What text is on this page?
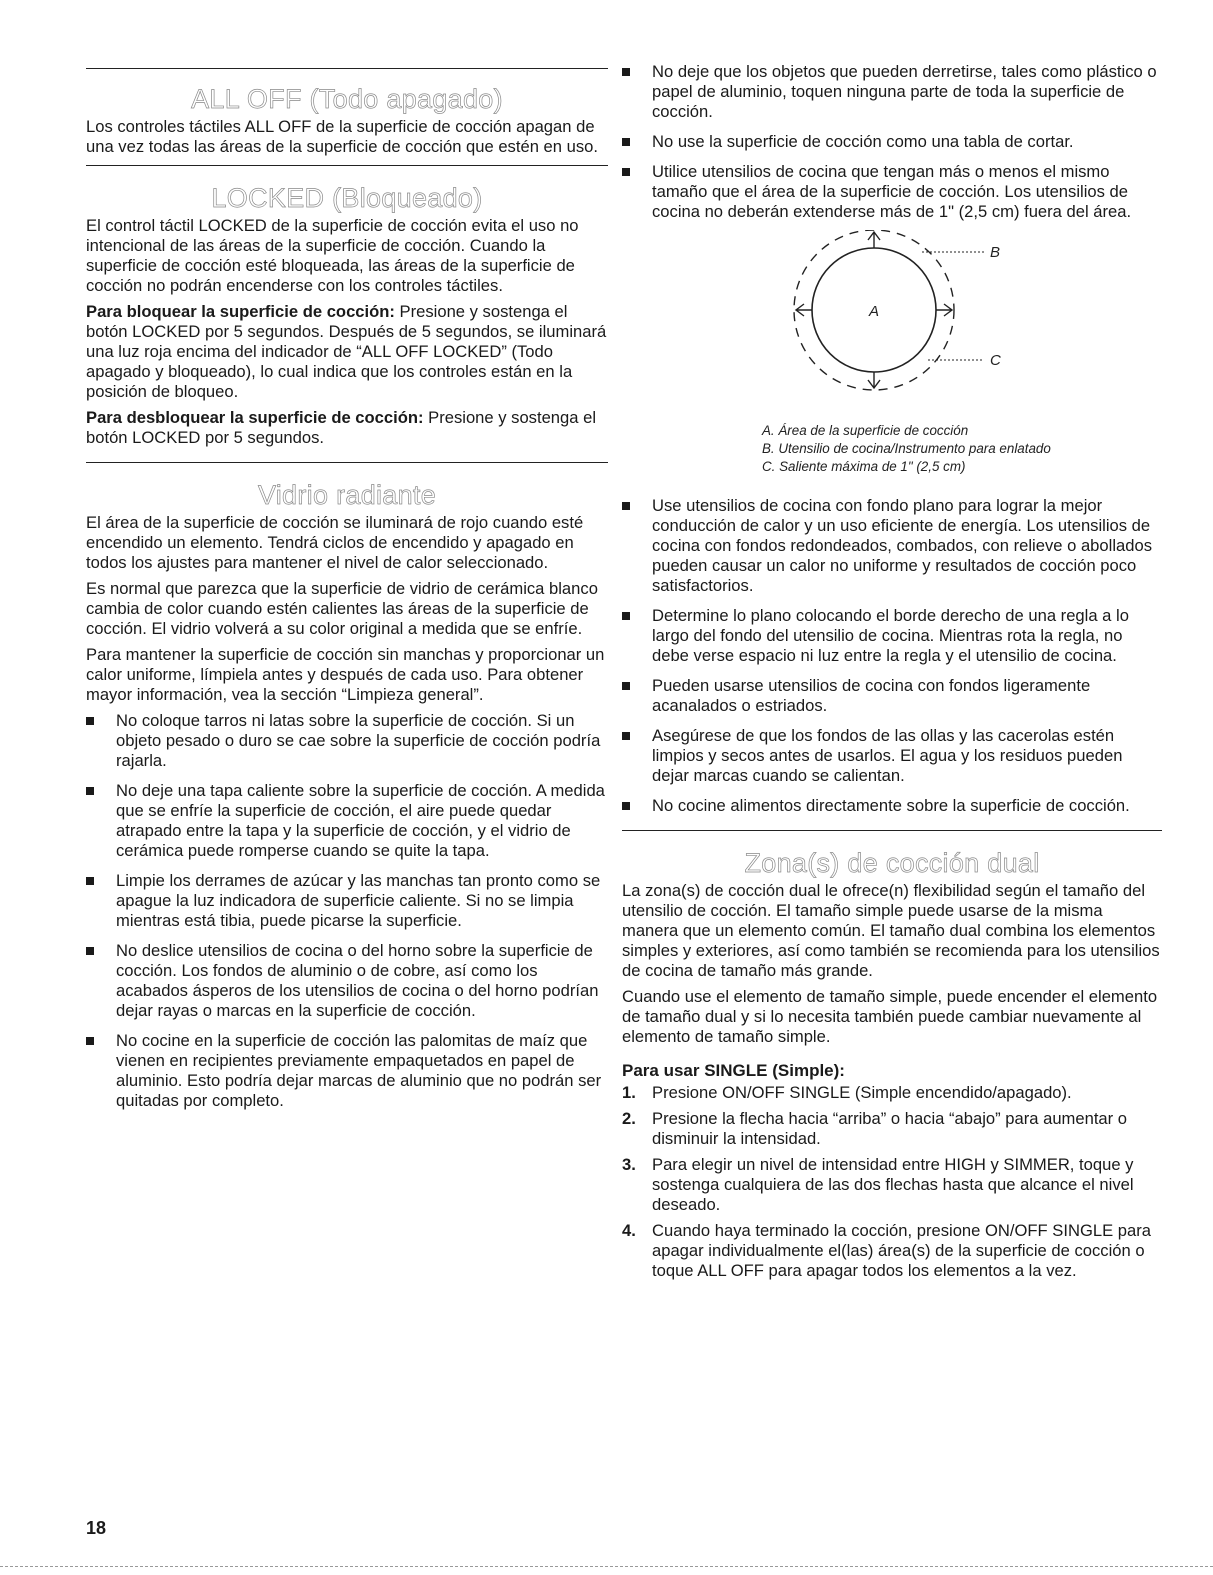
ALL OFF (Todo apagado)

Los controles táctiles ALL OFF de la superficie de cocción apagan de una vez todas las áreas de la superficie de cocción que estén en uso.

LOCKED (Bloqueado)

El control táctil LOCKED de la superficie de cocción evita el uso no intencional de las áreas de la superficie de cocción. Cuando la superficie de cocción esté bloqueada, las áreas de la superficie de cocción no podrán encenderse con los controles táctiles.

Para bloquear la superficie de cocción: Presione y sostenga el botón LOCKED por 5 segundos. Después de 5 segundos, se iluminará una luz roja encima del indicador de “ALL OFF LOCKED” (Todo apagado y bloqueado), lo cual indica que los controles están en la posición de bloqueo.

Para desbloquear la superficie de cocción: Presione y sostenga el botón LOCKED por 5 segundos.

Vidrio radiante

El área de la superficie de cocción se iluminará de rojo cuando esté encendido un elemento. Tendrá ciclos de encendido y apagado en todos los ajustes para mantener el nivel de calor seleccionado.

Es normal que parezca que la superficie de vidrio de cerámica blanco cambia de color cuando estén calientes las áreas de la superficie de cocción. El vidrio volverá a su color original a medida que se enfríe.

Para mantener la superficie de cocción sin manchas y proporcionar un calor uniforme, límpiela antes y después de cada uso. Para obtener mayor información, vea la sección “Limpieza general”.

No coloque tarros ni latas sobre la superficie de cocción. Si un objeto pesado o duro se cae sobre la superficie de cocción podría rajarla.
No deje una tapa caliente sobre la superficie de cocción. A medida que se enfríe la superficie de cocción, el aire puede quedar atrapado entre la tapa y la superficie de cocción, y el vidrio de cerámica puede romperse cuando se quite la tapa.
Limpie los derrames de azúcar y las manchas tan pronto como se apague la luz indicadora de superficie caliente. Si no se limpia mientras está tibia, puede picarse la superficie.
No deslice utensilios de cocina o del horno sobre la superficie de cocción. Los fondos de aluminio o de cobre, así como los acabados ásperos de los utensilios de cocina o del horno podrían dejar rayas o marcas en la superficie de cocción.
No cocine en la superficie de cocción las palomitas de maíz que vienen en recipientes previamente empaquetados en papel de aluminio. Esto podría dejar marcas de aluminio que no podrán ser quitadas por completo.
No deje que los objetos que pueden derretirse, tales como plástico o papel de aluminio, toquen ninguna parte de toda la superficie de cocción.
No use la superficie de cocción como una tabla de cortar.
Utilice utensilios de cocina que tengan más o menos el mismo tamaño que el área de la superficie de cocción. Los utensilios de cocina no deberán extenderse más de 1" (2,5 cm) fuera del área.
A
B
C
A. Área de la superficie de cocción
B. Utensilio de cocina/Instrumento para enlatado
C. Saliente máxima de 1" (2,5 cm)
Use utensilios de cocina con fondo plano para lograr la mejor conducción de calor y un uso eficiente de energía. Los utensilios de cocina con fondos redondeados, combados, con relieve o abollados pueden causar un calor no uniforme y resultados de cocción poco satisfactorios.
Determine lo plano colocando el borde derecho de una regla a lo largo del fondo del utensilio de cocina. Mientras rota la regla, no debe verse espacio ni luz entre la regla y el utensilio de cocina.
Pueden usarse utensilios de cocina con fondos ligeramente acanalados o estriados.
Asegúrese de que los fondos de las ollas y las cacerolas estén limpios y secos antes de usarlos. El agua y los residuos pueden dejar marcas cuando se calientan.
No cocine alimentos directamente sobre la superficie de cocción.
Zona(s) de cocción dual

La zona(s) de cocción dual le ofrece(n) flexibilidad según el tamaño del utensilio de cocción. El tamaño simple puede usarse de la misma manera que un elemento común. El tamaño dual combina los elementos simples y exteriores, así como también se recomienda para los utensilios de cocina de tamaño más grande.

Cuando use el elemento de tamaño simple, puede encender el elemento de tamaño dual y si lo necesita también puede cambiar nuevamente al elemento de tamaño simple.

Para usar SINGLE (Simple):
1. Presione ON/OFF SINGLE (Simple encendido/apagado).
2. Presione la flecha hacia “arriba” o hacia “abajo” para aumentar o disminuir la intensidad.
3. Para elegir un nivel de intensidad entre HIGH y SIMMER, toque y sostenga cualquiera de las dos flechas hasta que alcance el nivel deseado.
4. Cuando haya terminado la cocción, presione ON/OFF SINGLE para apagar individualmente el(las) área(s) de la superficie de cocción o toque ALL OFF para apagar todos los elementos a la vez.
18
